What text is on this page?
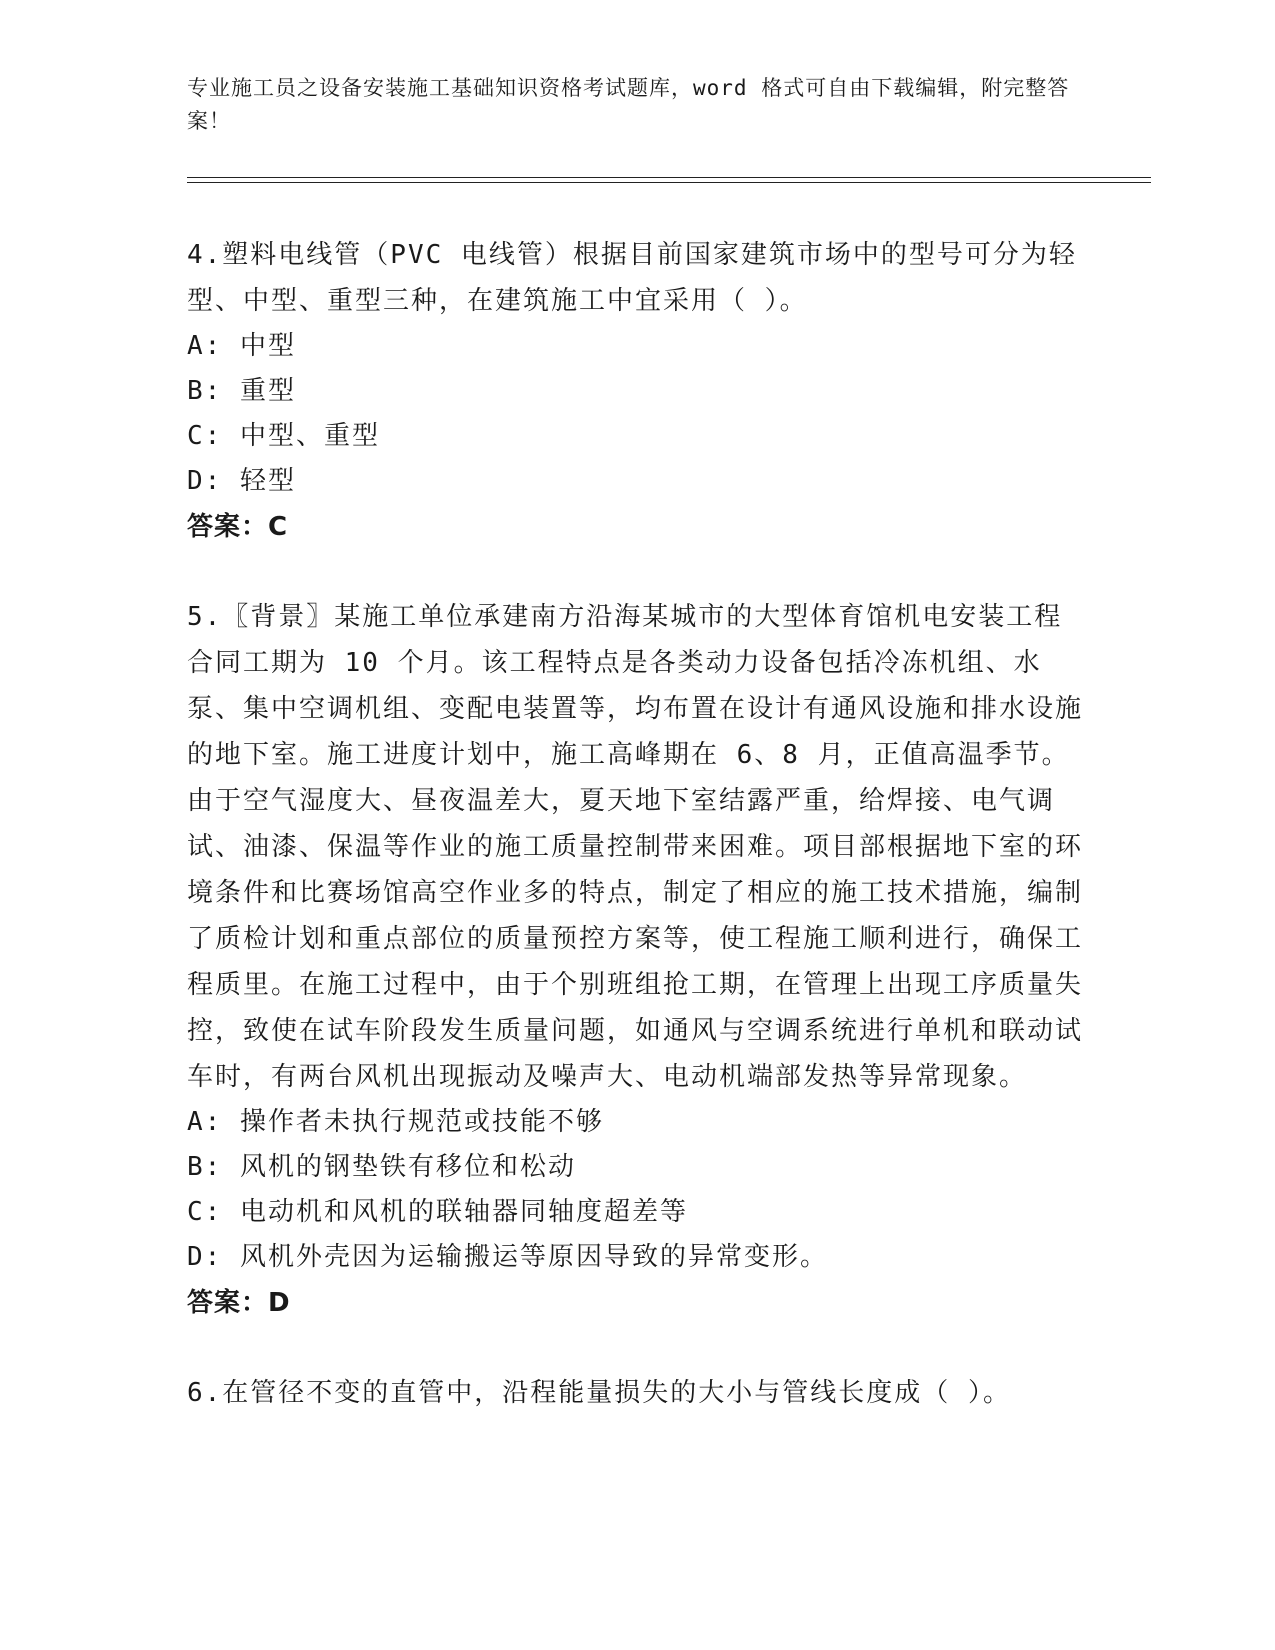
专业施工员之设备安装施工基础知识资格考试题库，word 格式可自由下载编辑，附完整答案！
4.塑料电线管（PVC 电线管）根据目前国家建筑市场中的型号可分为轻型、中型、重型三种，在建筑施工中宜采用（ ）。
A: 中型
B: 重型
C: 中型、重型
D: 轻型
答案：C
5.〖背景〗某施工单位承建南方沿海某城市的大型体育馆机电安装工程合同工期为 10 个月。该工程特点是各类动力设备包括冷冻机组、水泵、集中空调机组、变配电装置等，均布置在设计有通风设施和排水设施的地下室。施工进度计划中，施工高峰期在 6、8 月，正值高温季节。由于空气湿度大、昼夜温差大，夏天地下室结露严重，给焊接、电气调试、油漆、保温等作业的施工质量控制带来困难。项目部根据地下室的环境条件和比赛场馆高空作业多的特点，制定了相应的施工技术措施，编制了质检计划和重点部位的质量预控方案等，使工程施工顺利进行，确保工程质里。在施工过程中，由于个别班组抢工期，在管理上出现工序质量失控，致使在试车阶段发生质量问题，如通风与空调系统进行单机和联动试车时，有两台风机出现振动及噪声大、电动机端部发热等异常现象。
A: 操作者未执行规范或技能不够
B: 风机的钢垫铁有移位和松动
C: 电动机和风机的联轴器同轴度超差等
D: 风机外壳因为运输搬运等原因导致的异常变形。
答案：D
6.在管径不变的直管中，沿程能量损失的大小与管线长度成（ ）。
